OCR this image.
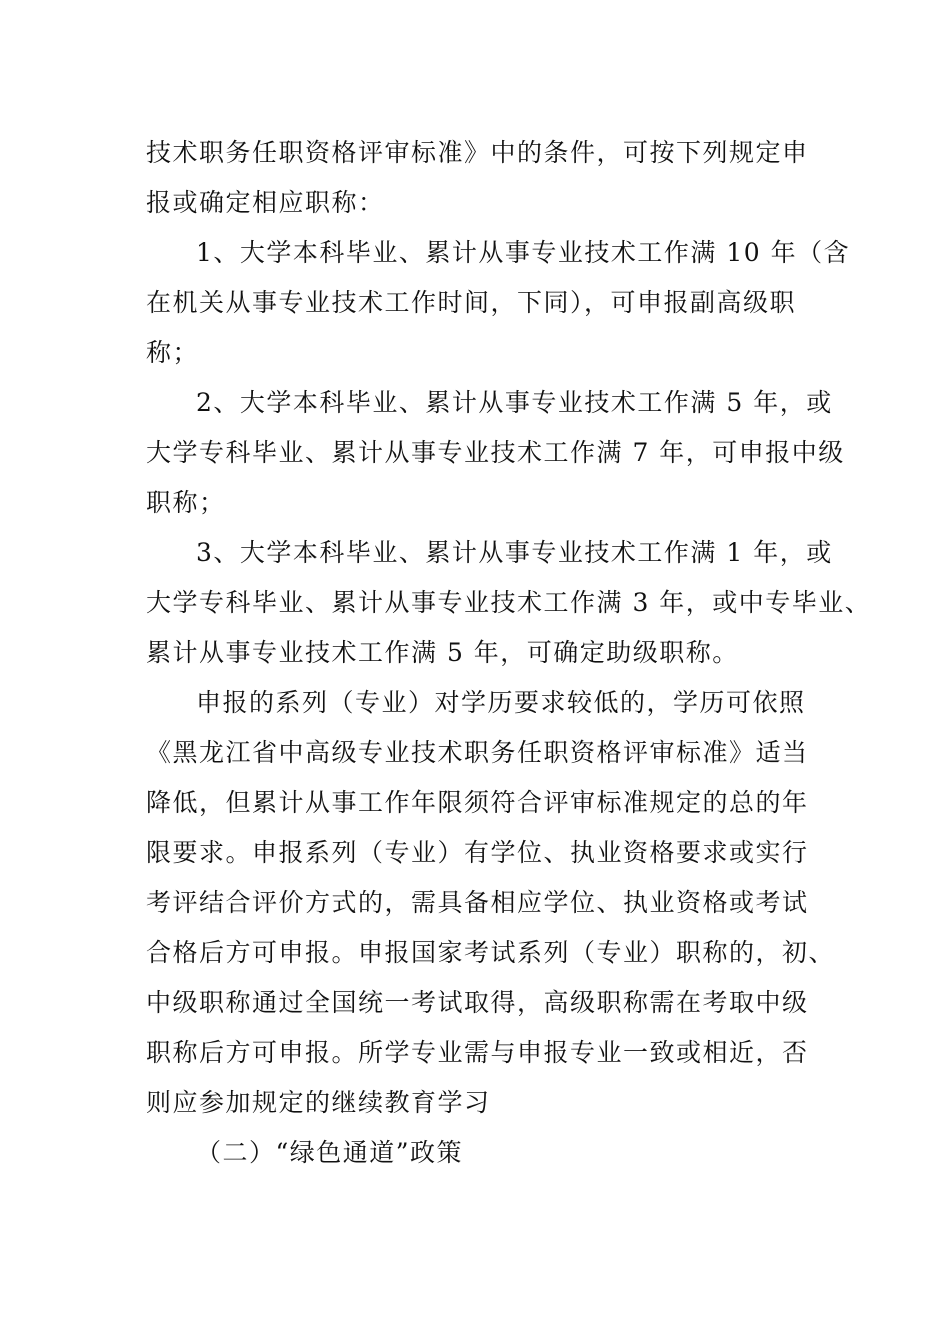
技术职务任职资格评审标准》中的条件，可按下列规定申
报或确定相应职称：
1、大学本科毕业、累计从事专业技术工作满 10 年（含
在机关从事专业技术工作时间，下同），可申报副高级职
称；
2、大学本科毕业、累计从事专业技术工作满 5 年，或
大学专科毕业、累计从事专业技术工作满 7 年，可申报中级
职称；
3、大学本科毕业、累计从事专业技术工作满 1 年，或
大学专科毕业、累计从事专业技术工作满 3 年，或中专毕业、
累计从事专业技术工作满 5 年，可确定助级职称。
申报的系列（专业）对学历要求较低的，学历可依照
《黑龙江省中高级专业技术职务任职资格评审标准》适当
降低，但累计从事工作年限须符合评审标准规定的总的年
限要求。申报系列（专业）有学位、执业资格要求或实行
考评结合评价方式的，需具备相应学位、执业资格或考试
合格后方可申报。申报国家考试系列（专业）职称的，初、
中级职称通过全国统一考试取得，高级职称需在考取中级
职称后方可申报。所学专业需与申报专业一致或相近，否
则应参加规定的继续教育学习
（二）“绿色通道”政策
